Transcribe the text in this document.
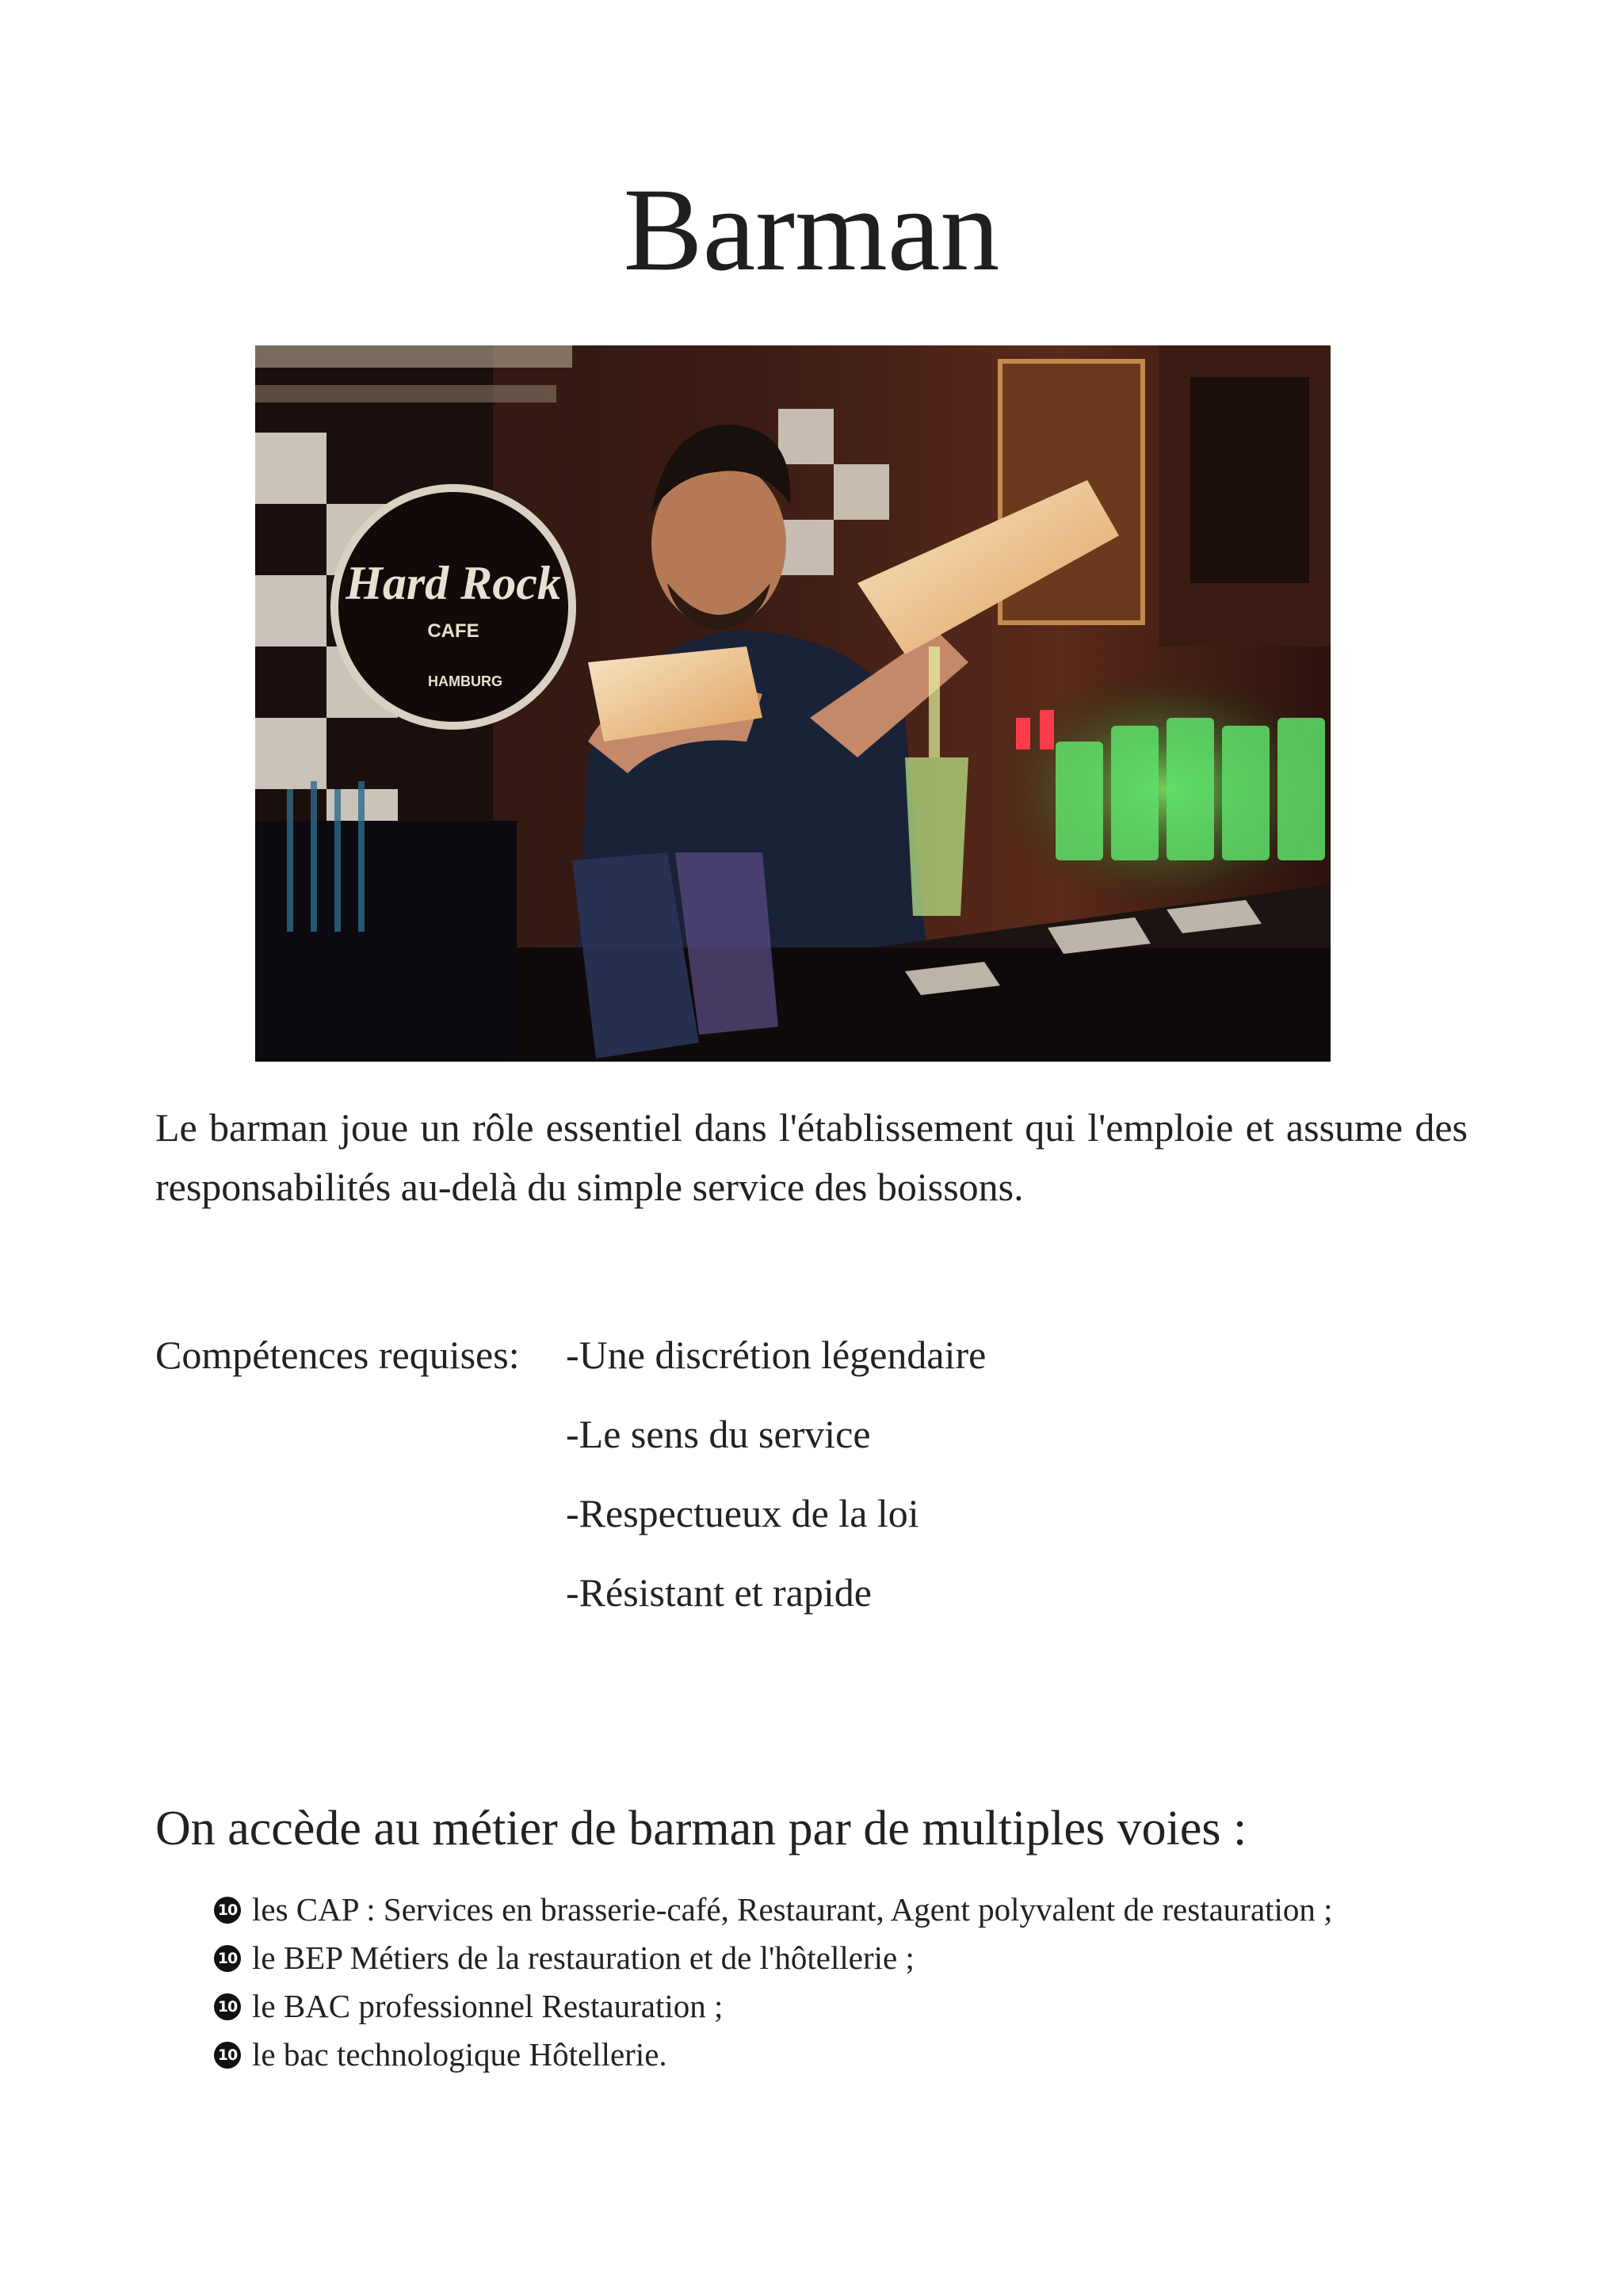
Barman
Hard Rock
CAFE
HAMBURG

Le barman joue un rôle essentiel dans l'établissement qui l'emploie et assume des responsabilités au-delà du simple service des boissons.

Compétences requises: -Une discrétion légendaire
-Le sens du service
-Respectueux de la loi
-Résistant et rapide
On accède au métier de barman par de multiples voies :
10 les CAP : Services en brasserie-café, Restaurant, Agent polyvalent de restauration ;
10 le BEP Métiers de la restauration et de l'hôtellerie ;
10 le BAC professionnel Restauration ;
10 le bac technologique Hôtellerie.
